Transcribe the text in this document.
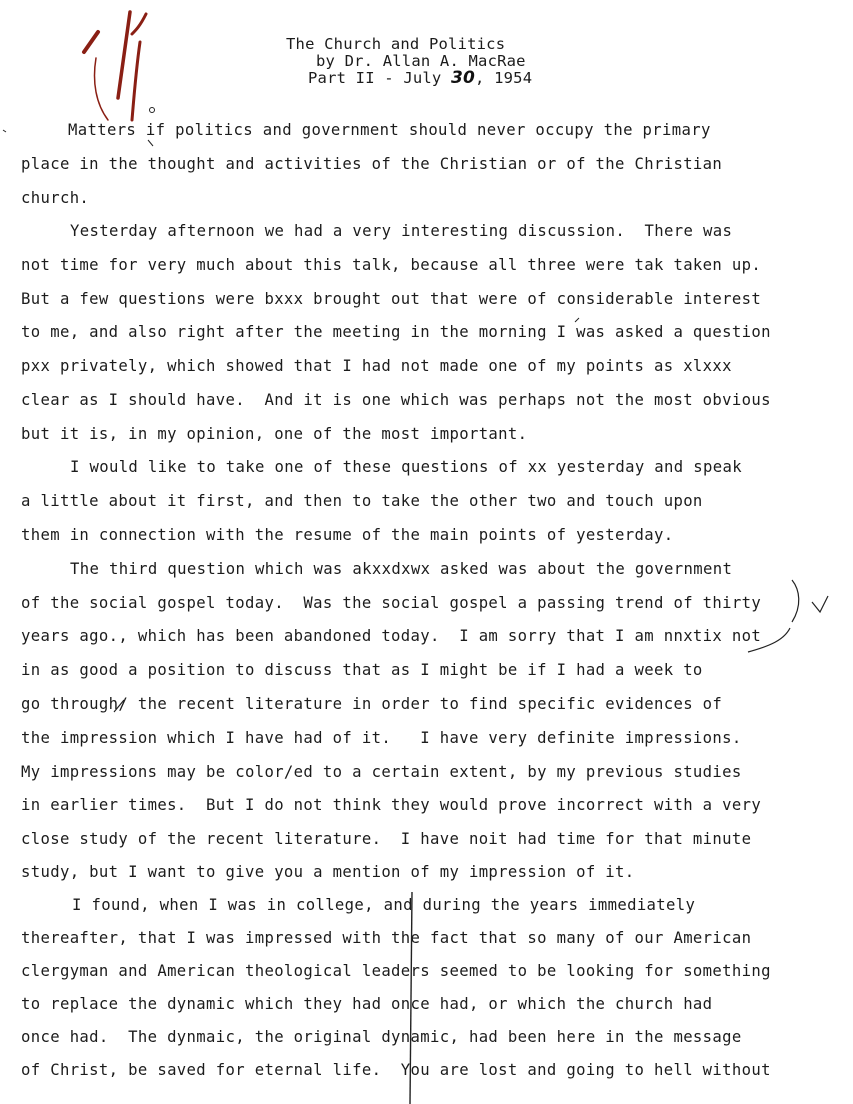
The Church and Politics
by Dr. Allan A. MacRae
Part II - July 30, 1954
Matters if politics and government should never occupy the primary
place in the thought and activities of the Christian or of the Christian
church.
Yesterday afternoon we had a very interesting discussion.  There was
not time for very much about this talk, because all three were tak taken up.
But a few questions were bxxx brought out that were of considerable interest
to me, and also right after the meeting in the morning I was asked a question
pxx privately, which showed that I had not made one of my points as xlxxx
clear as I should have.  And it is one which was perhaps not the most obvious
but it is, in my opinion, one of the most important.
I would like to take one of these questions of xx yesterday and speak
a little about it first, and then to take the other two and touch upon
them in connection with the resume of the main points of yesterday.
The third question which was akxxdxwx asked was about the government
of the social gospel today.  Was the social gospel a passing trend of thirty
years ago., which has been abandoned today.  I am sorry that I am nnxtix not
in as good a position to discuss that as I might be if I had a week to
go through/ the recent literature in order to find specific evidences of
the impression which I have had of it.   I have very definite impressions.
My impressions may be color/ed to a certain extent, by my previous studies
in earlier times.  But I do not think they would prove incorrect with a very
close study of the recent literature.  I have noit had time for that minute
study, but I want to give you a mention of my impression of it.
I found, when I was in college, and during the years immediately
thereafter, that I was impressed with the fact that so many of our American
clergyman and American theological leaders seemed to be looking for something
to replace the dynamic which they had once had, or which the church had
once had.  The dynmaic, the original dynamic, had been here in the message
of Christ, be saved for eternal life.  You are lost and going to hell without
